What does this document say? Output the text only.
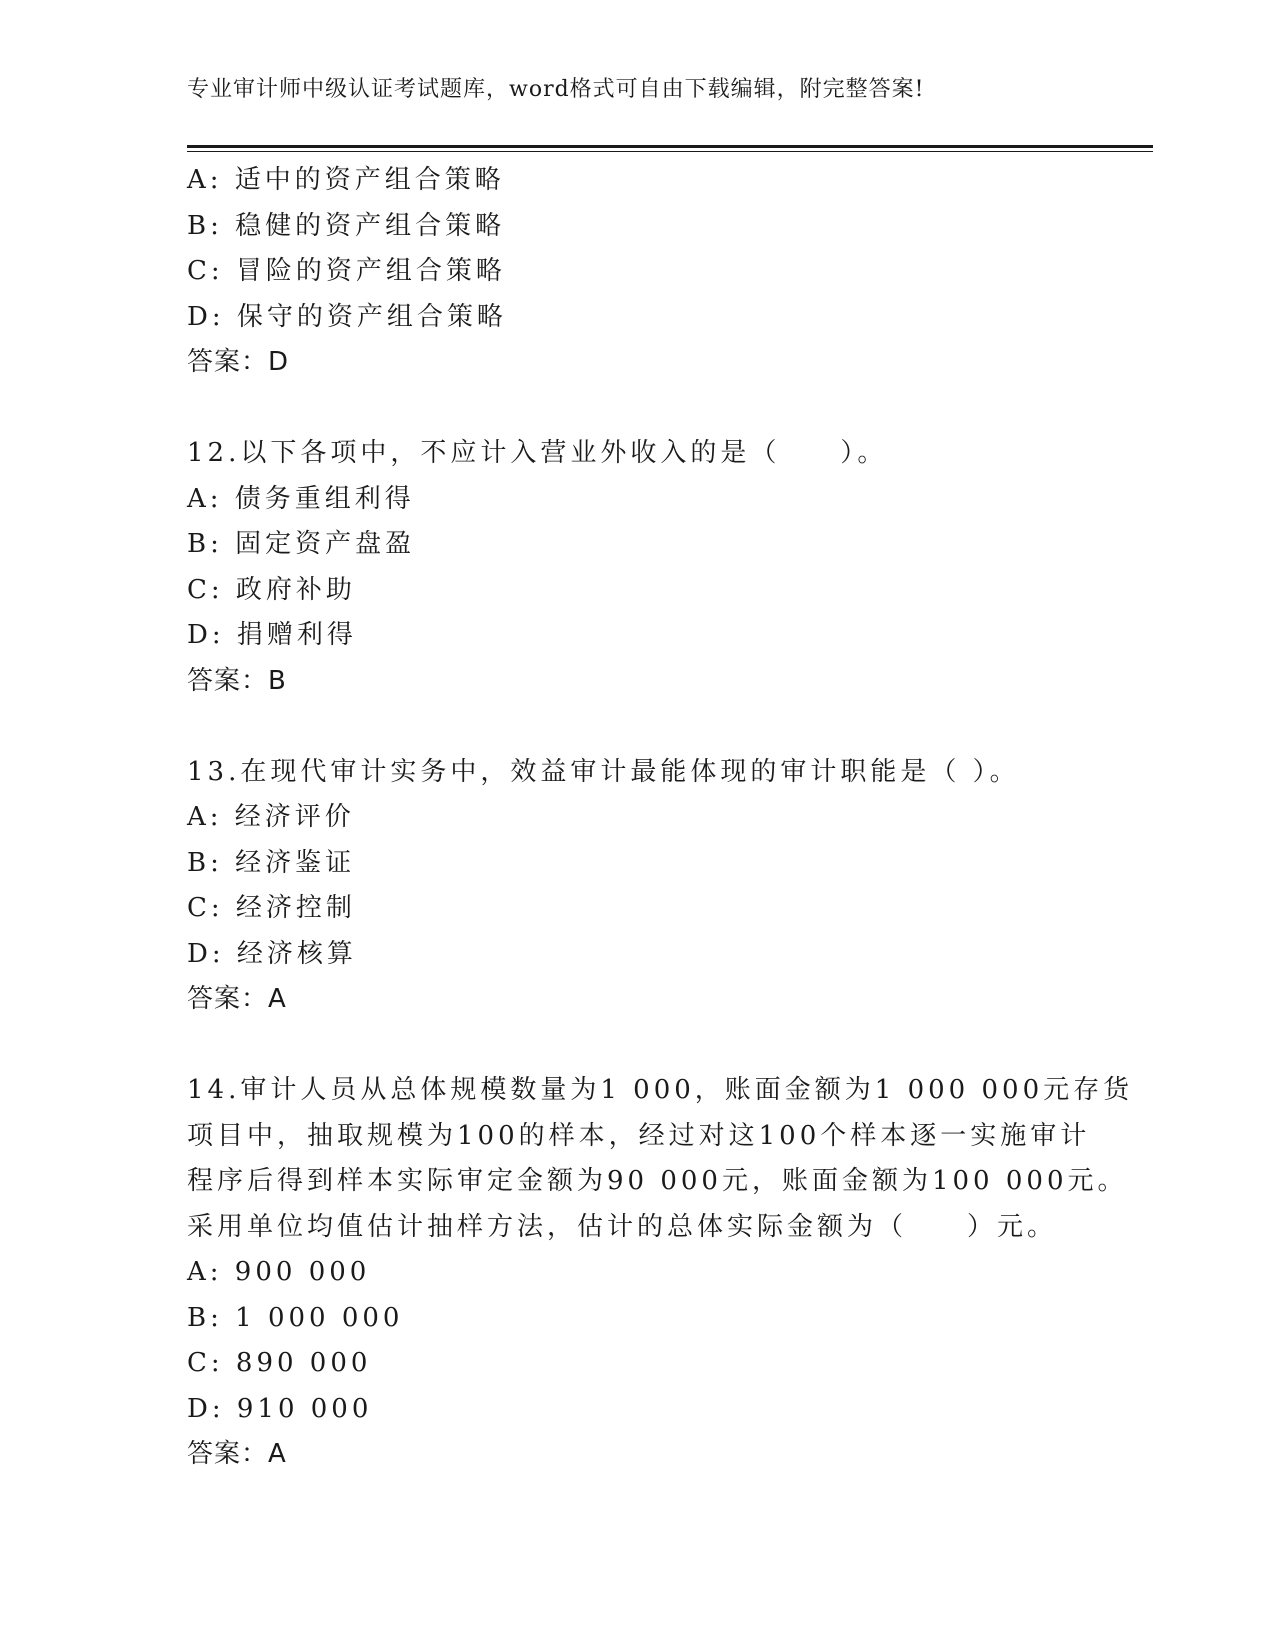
专业审计师中级认证考试题库，word格式可自由下载编辑，附完整答案!
A: 适中的资产组合策略
B: 稳健的资产组合策略
C: 冒险的资产组合策略
D: 保守的资产组合策略
答案：D
12.以下各项中，不应计入营业外收入的是（　　）。
A: 债务重组利得
B: 固定资产盘盈
C: 政府补助
D: 捐赠利得
答案：B
13.在现代审计实务中，效益审计最能体现的审计职能是（ ）。
A: 经济评价
B: 经济鉴证
C: 经济控制
D: 经济核算
答案：A
14.审计人员从总体规模数量为1 000，账面金额为1 000 000元存货
项目中，抽取规模为100的样本，经过对这100个样本逐一实施审计
程序后得到样本实际审定金额为90 000元，账面金额为100 000元。
采用单位均值估计抽样方法，估计的总体实际金额为（　　）元。
A: 900 000
B: 1 000 000
C: 890 000
D: 910 000
答案：A
